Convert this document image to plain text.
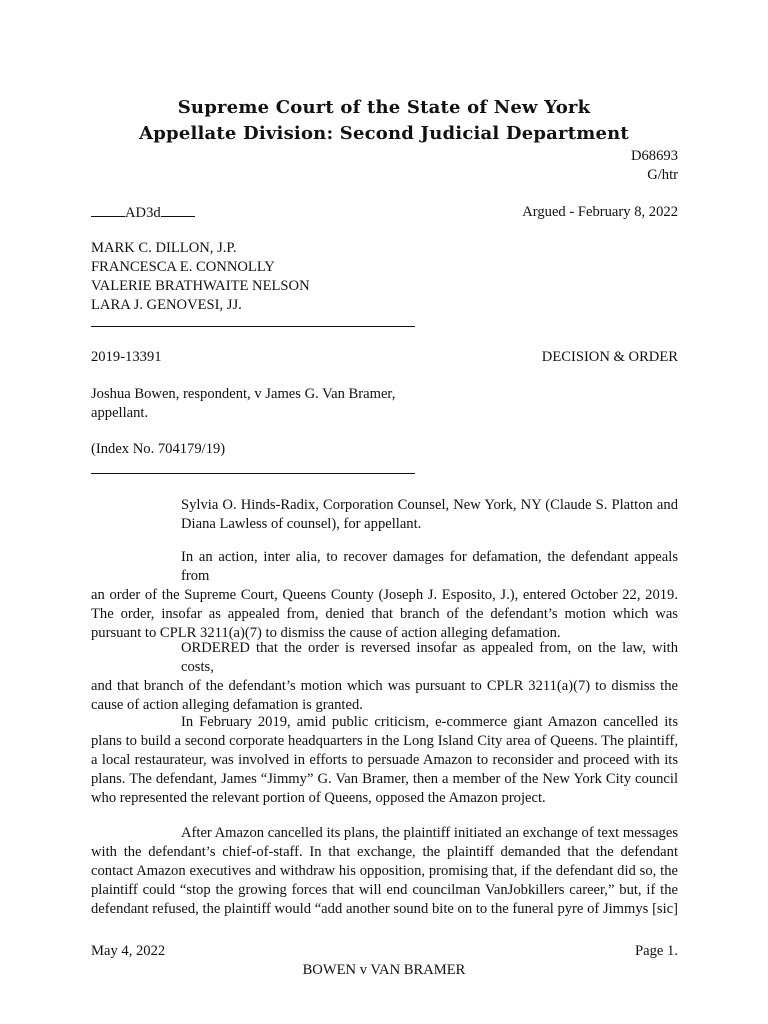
Supreme Court of the State of New York
Appellate Division: Second Judicial Department
D68693
G/htr
AD3d	Argued - February 8, 2022
MARK C. DILLON, J.P.
FRANCESCA E. CONNOLLY
VALERIE BRATHWAITE NELSON
LARA J. GENOVESI, JJ.
2019-13391	DECISION & ORDER
Joshua Bowen, respondent, v James G. Van Bramer,
appellant.
(Index No. 704179/19)
Sylvia O. Hinds-Radix, Corporation Counsel, New York, NY (Claude S. Platton and
Diana Lawless of counsel), for appellant.
In an action, inter alia, to recover damages for defamation, the defendant appeals from
an order of the Supreme Court, Queens County (Joseph J. Esposito, J.), entered October 22, 2019.
The order, insofar as appealed from, denied that branch of the defendant’s motion which was
pursuant to CPLR 3211(a)(7) to dismiss the cause of action alleging defamation.
ORDERED that the order is reversed insofar as appealed from, on the law, with costs,
and that branch of the defendant’s motion which was pursuant to CPLR 3211(a)(7) to dismiss the
cause of action alleging defamation is granted.
In February 2019, amid public criticism, e-commerce giant Amazon cancelled its
plans to build a second corporate headquarters in the Long Island City area of Queens. The plaintiff,
a local restaurateur, was involved in efforts to persuade Amazon to reconsider and proceed with its
plans. The defendant, James “Jimmy” G. Van Bramer, then a member of the New York City council
who represented the relevant portion of Queens, opposed the Amazon project.
After Amazon cancelled its plans, the plaintiff initiated an exchange of text messages
with the defendant’s chief-of-staff. In that exchange, the plaintiff demanded that the defendant
contact Amazon executives and withdraw his opposition, promising that, if the defendant did so, the
plaintiff could “stop the growing forces that will end councilman VanJobkillers career,” but, if the
defendant refused, the plaintiff would “add another sound bite on to the funeral pyre of Jimmys [sic]
May 4, 2022	Page 1.
BOWEN v VAN BRAMER
